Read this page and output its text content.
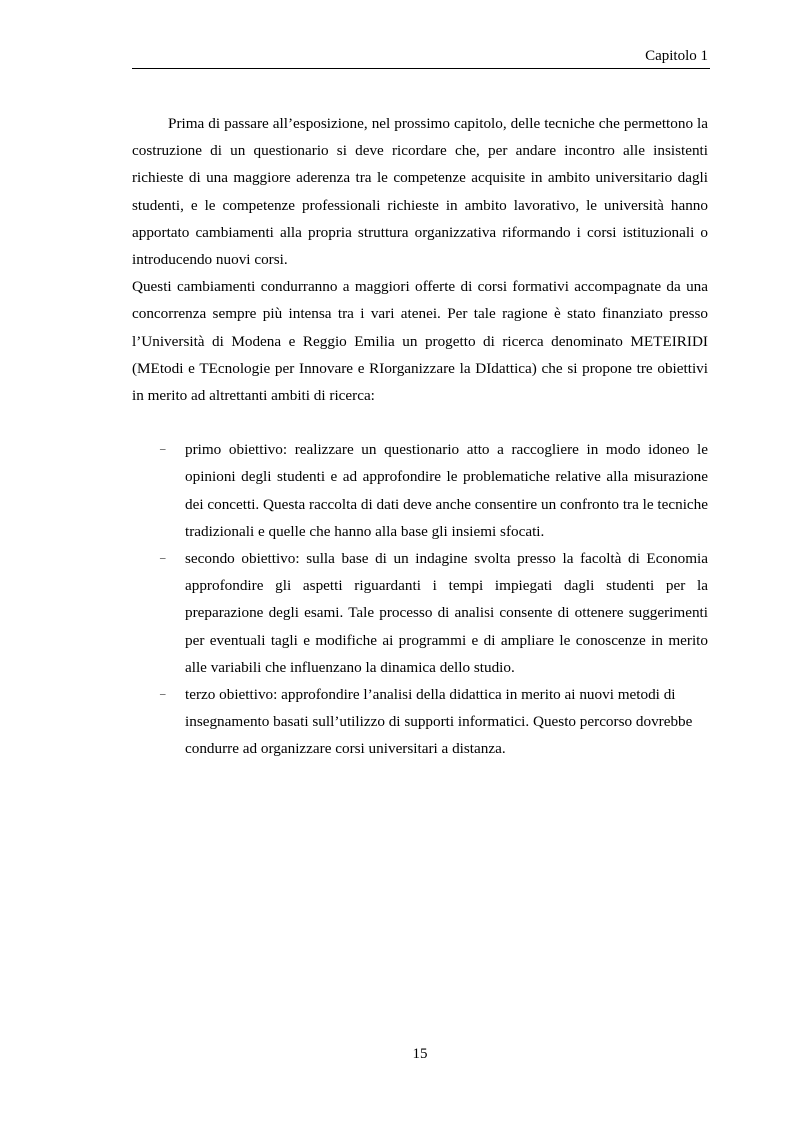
Capitolo 1

Prima di passare all’esposizione, nel prossimo capitolo, delle tecniche che permettono la costruzione di un questionario si deve ricordare che, per andare incontro alle insistenti richieste di una maggiore aderenza tra le competenze acquisite in ambito universitario dagli studenti, e le competenze professionali richieste in ambito lavorativo, le università hanno apportato cambiamenti alla propria struttura organizzativa riformando i corsi istituzionali o introducendo nuovi corsi.

Questi cambiamenti condurranno a maggiori offerte di corsi formativi accompagnate da una concorrenza sempre più intensa tra i vari atenei. Per tale ragione è stato finanziato presso l’Università di Modena e Reggio Emilia un progetto di ricerca denominato METEIRIDI (MEtodi e TEcnologie per Innovare e RIorganizzare la DIdattica) che si propone tre obiettivi in merito ad altrettanti ambiti di ricerca:

– primo obiettivo: realizzare un questionario atto a raccogliere in modo idoneo le opinioni degli studenti e ad approfondire le problematiche relative alla misurazione dei concetti. Questa raccolta di dati deve anche consentire un confronto tra le tecniche tradizionali e quelle che hanno alla base gli insiemi sfocati.
– secondo obiettivo: sulla base di un indagine svolta presso la facoltà di Economia approfondire gli aspetti riguardanti i tempi impiegati dagli studenti per la preparazione degli esami. Tale processo di analisi consente di ottenere suggerimenti per eventuali tagli e modifiche ai programmi e di ampliare le conoscenze in merito alle variabili che influenzano la dinamica dello studio.
– terzo obiettivo: approfondire l’analisi della didattica in merito ai nuovi metodi di insegnamento basati sull’utilizzo di supporti informatici. Questo percorso dovrebbe condurre ad organizzare corsi universitari a distanza.
15
